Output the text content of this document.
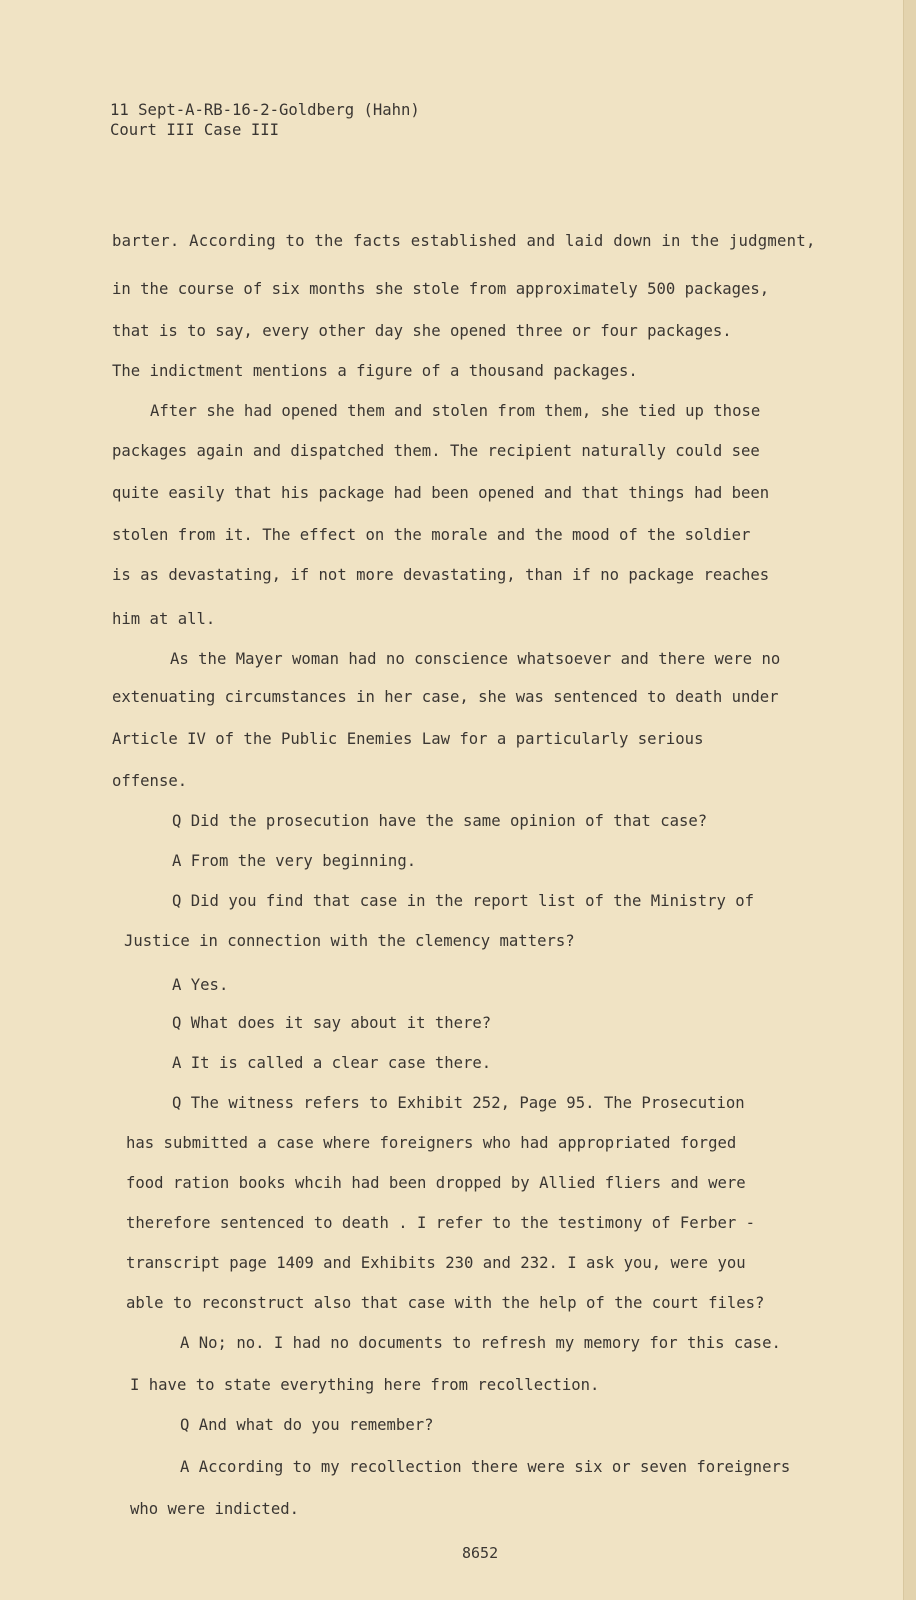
11 Sept-A-RB-16-2-Goldberg (Hahn)
Court III Case III
barter. According to the facts established and laid down in the judgment,
in the course of six months she stole from approximately 500 packages,
that is to say, every other day she opened three or four packages.
The indictment mentions a figure of a thousand packages.
After she had opened them and stolen from them, she tied up those
packages again and dispatched them. The recipient naturally could see
quite easily that his package had been opened and that things had been
stolen from it. The effect on the morale and the mood of the soldier
is as devastating, if not more devastating, than if no package reaches
him at all.
As the Mayer woman had no conscience whatsoever and there were no
extenuating circumstances in her case, she was sentenced to death under
Article IV of the Public Enemies Law for a particularly serious
offense.
Q Did the prosecution have the same opinion of that case?
A From the very beginning.
Q Did you find that case in the report list of the Ministry of
Justice in connection with the clemency matters?
A Yes.
Q What does it say about it there?
A It is called a clear case there.
Q The witness refers to Exhibit 252, Page 95. The Prosecution
has submitted a case where foreigners who had appropriated forged
food ration books whcih had been dropped by Allied fliers and were
therefore sentenced to death . I refer to the testimony of Ferber -
transcript page 1409 and Exhibits 230 and 232. I ask you, were you
able to reconstruct also that case with the help of the court files?
A No; no. I had no documents to refresh my memory for this case.
I have to state everything here from recollection.
Q And what do you remember?
A According to my recollection there were six or seven foreigners
who were indicted.
8652
